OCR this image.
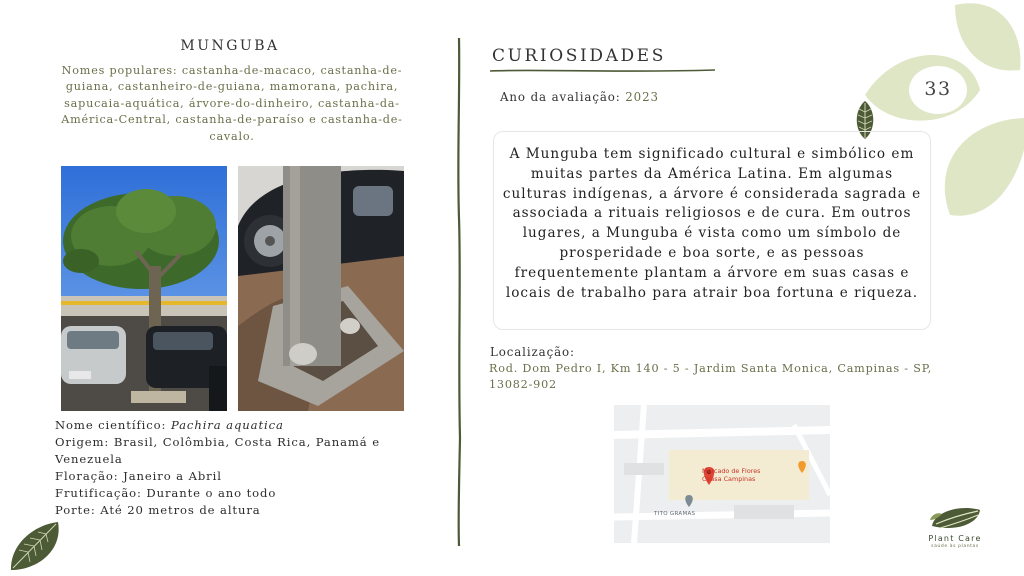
MUNGUBA
Nomes populares: castanha-de-macaco, castanha-de-guiana, castanheiro-de-guiana, mamorana, pachira, sapucaia-aquática, árvore-do-dinheiro, castanha-da-América-Central, castanha-de-paraíso e castanha-de-cavalo.
Nome científico: Pachira aquatica
Origem: Brasil, Colômbia, Costa Rica, Panamá e Venezuela
Floração: Janeiro a Abril
Frutificação: Durante o ano todo
Porte: Até 20 metros de altura
CURIOSIDADES
Ano da avaliação: 2023	33
A Munguba tem significado cultural e simbólico em muitas partes da América Latina. Em algumas culturas indígenas, a árvore é considerada sagrada e associada a rituais religiosos e de cura. Em outros lugares, a Munguba é vista como um símbolo de prosperidade e boa sorte, e as pessoas frequentemente plantam a árvore em suas casas e locais de trabalho para atrair boa fortuna e riqueza.
Localização:
Rod. Dom Pedro I, Km 140 - 5 - Jardim Santa Monica, Campinas - SP, 13082-902
Mercado de Flores
Ceasa Campinas
TITO GRAMAS
Plant Care
saúde às plantas
